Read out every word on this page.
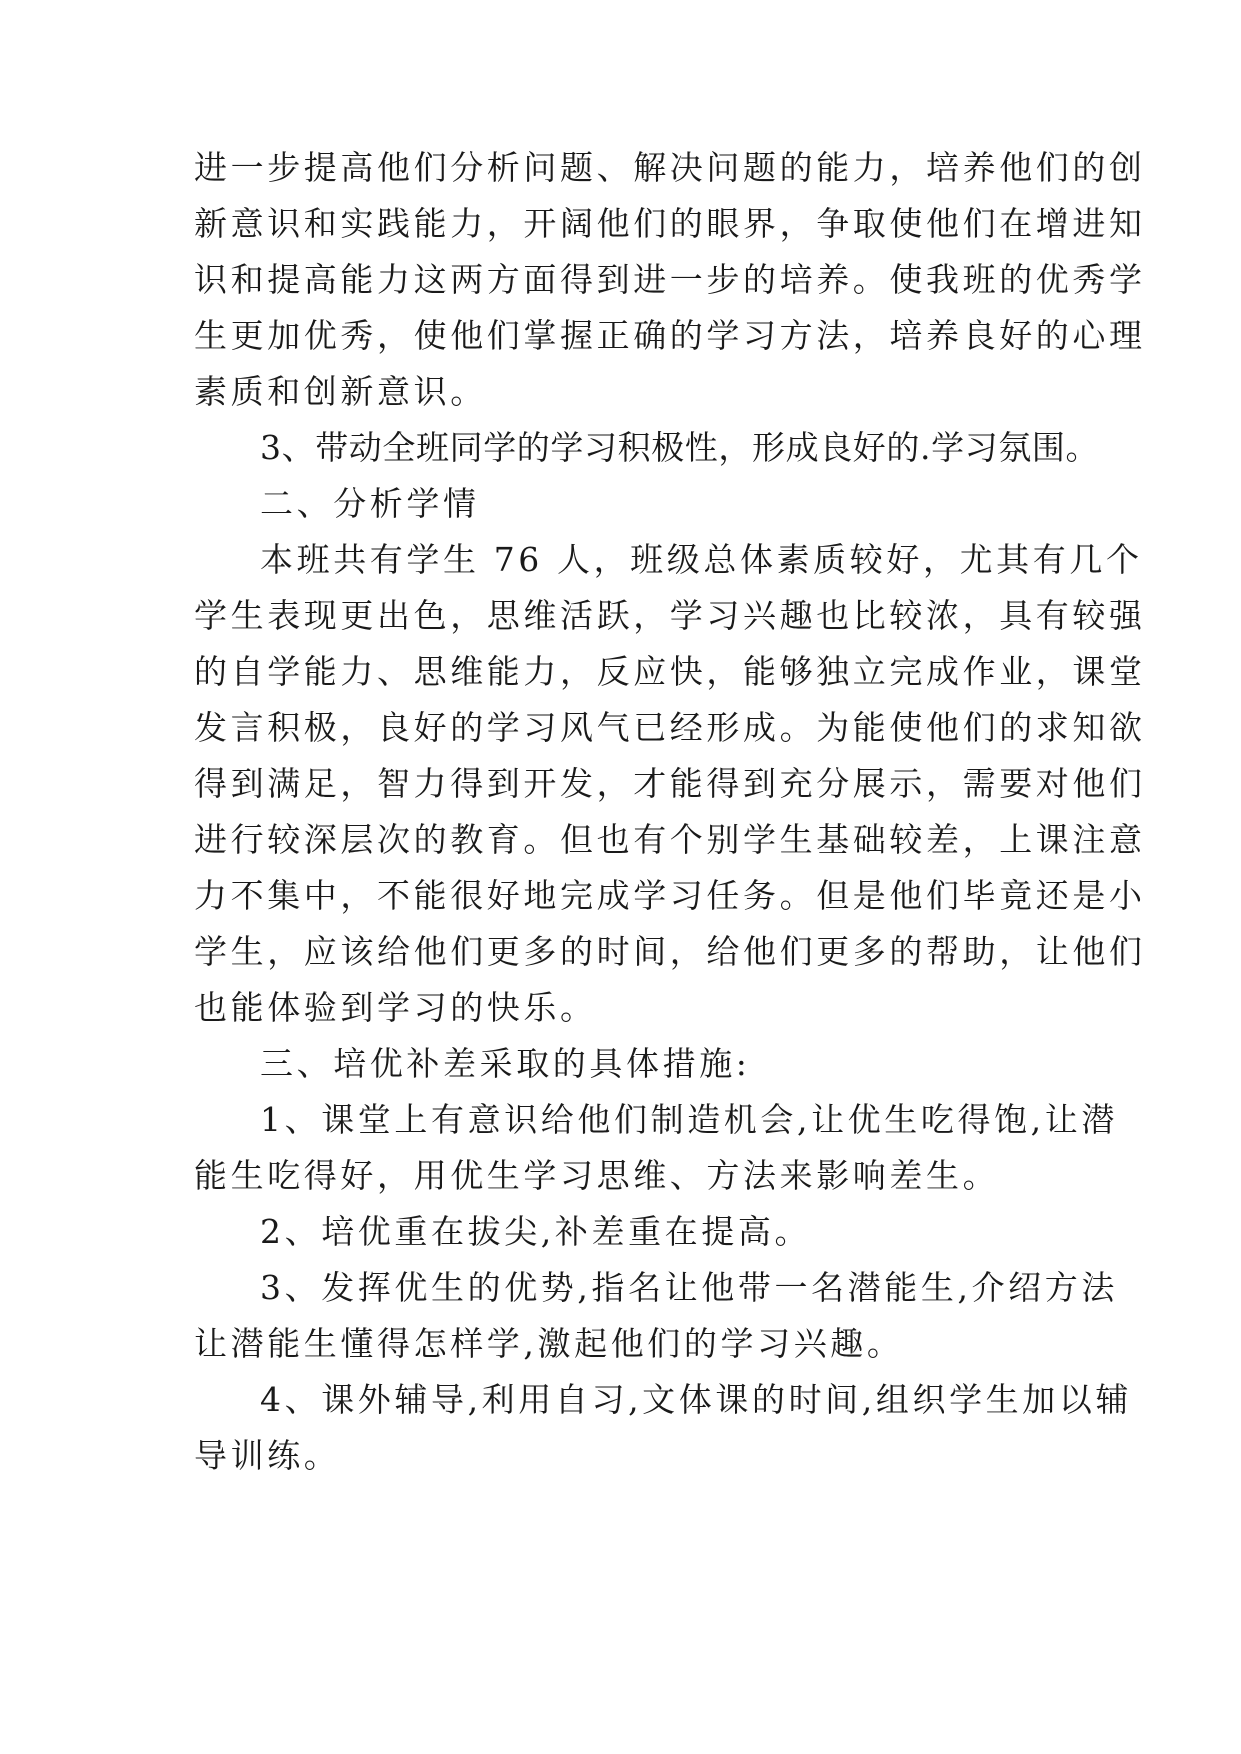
进一步提高他们分析问题、解决问题的能力，培养他们的创
新意识和实践能力，开阔他们的眼界，争取使他们在增进知
识和提高能力这两方面得到进一步的培养。使我班的优秀学
生更加优秀，使他们掌握正确的学习方法，培养良好的心理
素质和创新意识。
3、带动全班同学的学习积极性，形成良好的.学习氛围。
二、分析学情
本班共有学生 76 人，班级总体素质较好，尤其有几个
学生表现更出色，思维活跃，学习兴趣也比较浓，具有较强
的自学能力、思维能力，反应快，能够独立完成作业，课堂
发言积极，良好的学习风气已经形成。为能使他们的求知欲
得到满足，智力得到开发，才能得到充分展示，需要对他们
进行较深层次的教育。但也有个别学生基础较差，上课注意
力不集中，不能很好地完成学习任务。但是他们毕竟还是小
学生，应该给他们更多的时间，给他们更多的帮助，让他们
也能体验到学习的快乐。
三、培优补差采取的具体措施:
1、课堂上有意识给他们制造机会,让优生吃得饱,让潜
能生吃得好，用优生学习思维、方法来影响差生。
2、培优重在拔尖,补差重在提高。
3、发挥优生的优势,指名让他带一名潜能生,介绍方法
让潜能生懂得怎样学,激起他们的学习兴趣。
4、课外辅导,利用自习,文体课的时间,组织学生加以辅
导训练。
